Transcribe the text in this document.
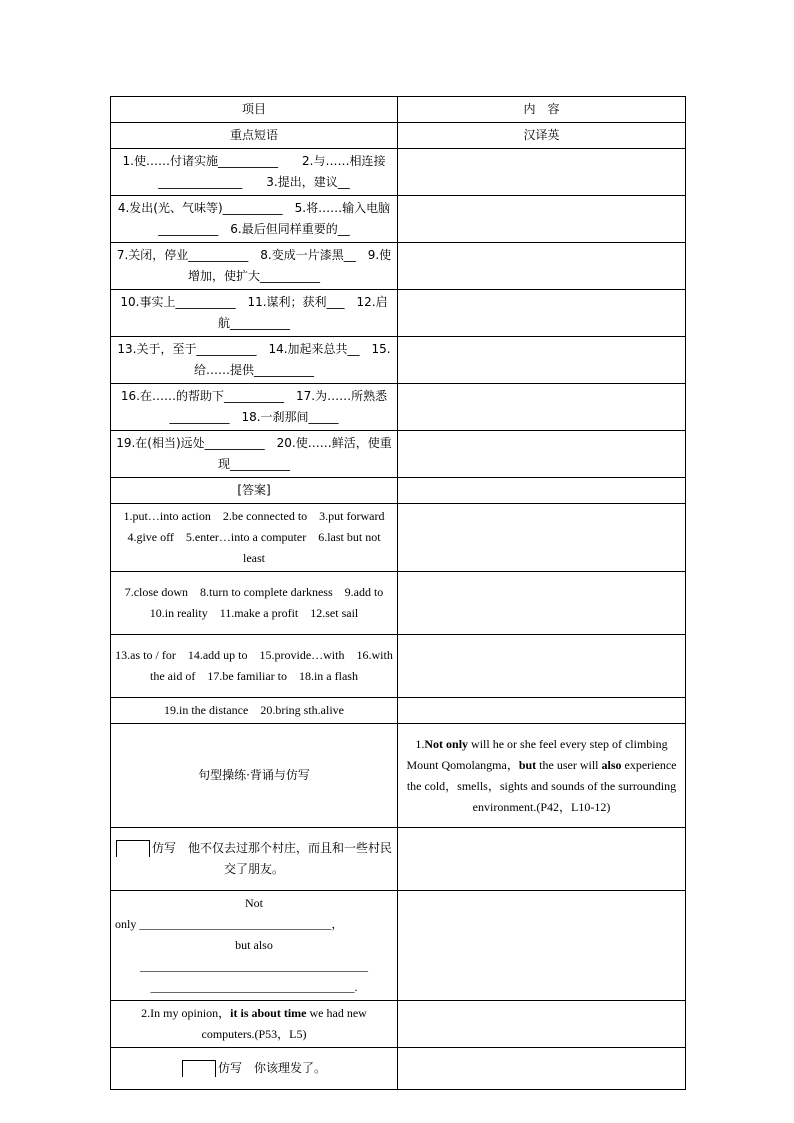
项目	内　容
重点短语	汉译英
1.使……付诸实施__________　　2.与……相连接______________　　3.提出，建议__	
4.发出(光、气味等)__________　5.将……输入电脑__________　6.最后但同样重要的__	
7.关闭，停业__________　8.变成一片漆黑__　9.使增加，使扩大__________	
10.事实上__________　11.谋利；获利___　12.启航__________	
13.关于，至于__________　14.加起来总共__　15.给……提供__________	
16.在……的帮助下__________　17.为……所熟悉__________　18.一刹那间_____	
19.在(相当)远处__________　20.使……鲜活，使重现__________	
[答案]	
1.put…into action　2.be connected to　3.put forward　4.give off　5.enter…into a computer　6.last but not least	
7.close down　8.turn to complete darkness　9.add to　10.in reality　11.make a profit　12.set sail	
13.as to / for　14.add up to　15.provide…with　16.with the aid of　17.be familiar to　18.in a flash	
19.in the distance　20.bring sth.alive	
句型操练·背诵与仿写	1.Not only will he or she feel every step of climbing Mount Qomolangma，but the user will also experience the cold，smells，sights and sounds of the surrounding environment.(P42，L10-12)
仿写　他不仅去过那个村庄，而且和一些村民交了朋友。	

Not
only ________________________________，
but also
______________________________________
__________________________________.	

2.In my opinion，it is about time we had new computers.(P53，L5)	
仿写　你该理发了。	
